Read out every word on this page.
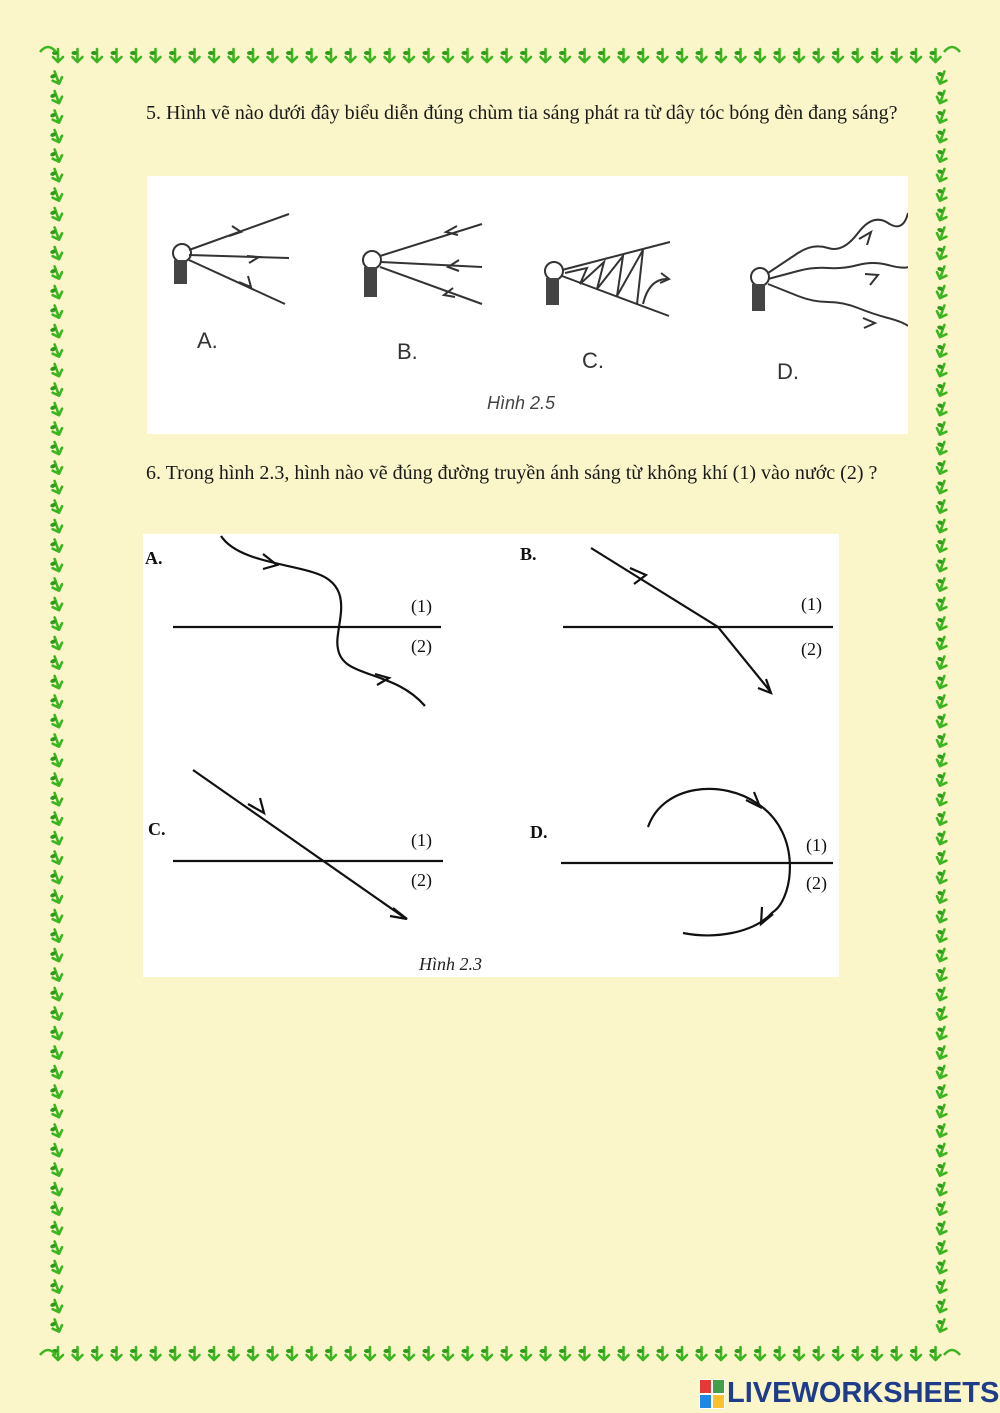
5. Hình vẽ nào dưới đây biểu diễn đúng chùm tia sáng phát ra từ dây tóc bóng đèn đang sáng?
A.	B.	C.	D.
Hình 2.5
6. Trong hình 2.3, hình nào vẽ đúng đường truyền ánh sáng từ không khí (1) vào nước (2) ?
A.	B.
C.	D.
(1)
(2)
(1)
(2)
(1)
(2)
(1)
(2)
Hình 2.3
LIVEWORKSHEETS
